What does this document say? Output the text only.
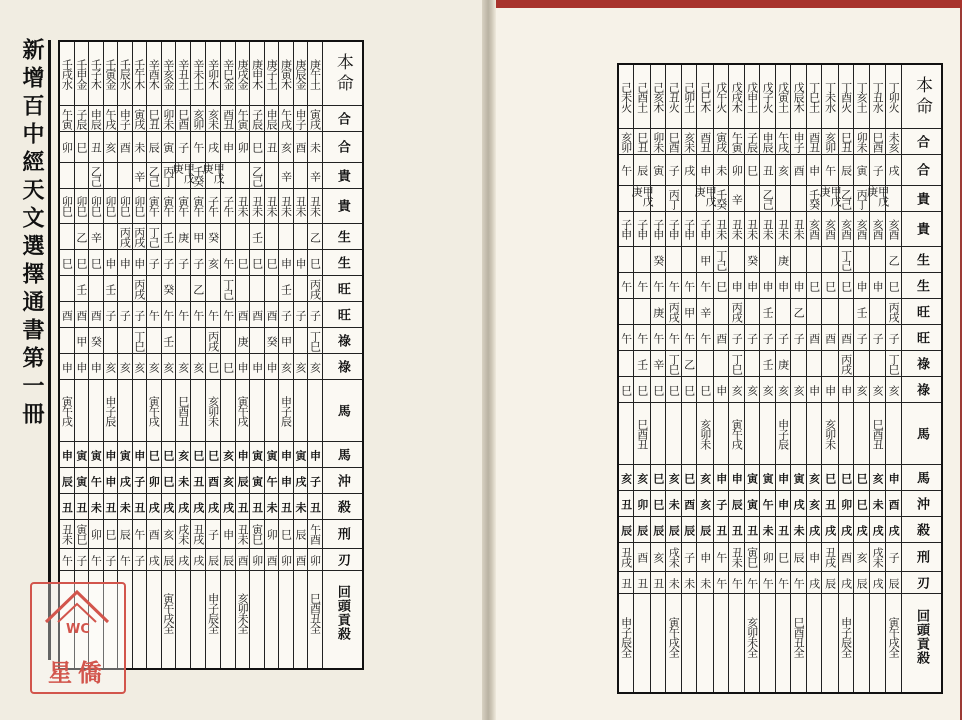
新增百中經天文選擇通書第一冊	本命
合
合
貴
貴
生
生
旺
旺
祿
祿
馬
馬
沖
殺
刑
刃
回頭貢殺
庚午土
寅戌
未
辛
丑未
乙
巳
丙戌
子
丁巳
亥
申
子
丑
午酉
卯
巳酉丑全
庚辰金
申子
酉
丑未
申
子
亥
寅
戌
未
辰
酉
庚寅木
午戌
亥
辛
丑未
申
壬
子
甲
亥
申子辰
申
申
丑
巳
卯
庚子土
申辰
丑
丑未
巳
酉
癸
申
寅
午
未
卯
酉
庚申木
子辰
巳
乙己
丑未
壬
巳
酉
申
寅
寅
丑
寅巳
卯
庚戌金
午寅
卯
丑未
巳
酉
庚
申
寅午戌
申
辰
丑
丑未
酉
亥卯未全
辛巳金
酉丑
申
子午
午
丁己
午
巳
亥
亥
戌
申
辰
辛卯木
亥未
戌
甲戊庚
子午
癸
亥
午
丙戌
巳
亥卯未
巳
酉
戌
子
辰
申子辰全
辛未土
亥卯
午
壬癸
寅午
甲
子
乙
午
亥
巳
丑
戌
丑戌
戌
辛丑土
巳酉
子
甲戊庚
寅午
庚
子
午
亥
巳酉丑
亥
未
戌
戌未
戌
辛亥金
卯未
寅
丙丁
寅午
壬
子
癸
午
壬
亥
巳
巳
戌
亥
辰
寅午戌全
辛酉木
巳丑
辰
乙己
寅午
丁己
子
午
亥
寅午戌
巳
卯
戌
酉
戌
壬午木
寅戌
未
辛
卯巳
丙戌
申
丙戌
子
丁巳
亥
申
子
丑
午
子
壬辰水
申子
酉
卯巳
丙戌
申
子
亥
寅
戌
未
辰
午
壬寅金
午戌
亥
卯巳
申
壬
子
亥
申子辰
申
申
丑
巳
子
壬子木
申辰
丑
乙己
卯巳
辛
巳
酉
癸
申
寅
午
未
卯
午
壬申金
子辰
巳
卯巳
乙
巳
壬
酉
甲
申
寅
寅
丑
寅巳
子
壬戌水
午寅
卯
卯巳
巳
酉
申
寅午戌
申
辰
丑
丑未
午
本命
合
合
貴
貴
生
生
旺
旺
祿
祿
馬
馬
沖
殺
刑
刃
回頭貢殺
丁卯火
未亥
戌
亥酉
乙
巳
丙戌
子
丁巳
亥
申
酉
戌
子
辰
寅午戌全
丁丑水
巳酉
子
甲戊庚
亥酉
申
子
亥
巳酉丑
亥
未
戌
戌未
戌
丁亥土
卯未
寅
丙丁
亥酉
申
壬
子
亥
巳
巳
戌
亥
辰
丁酉火
巳丑
辰
乙己
亥酉
丁己
巳
酉
丙戌
申
巳
卯
戌
酉
戌
申子辰全
丁未水
亥卯
午
甲戊庚
亥酉
巳
酉
申
亥卯未
巳
丑
戌
丑戌
辰
丁巳土
酉丑
申
壬癸
亥酉
巳
酉
申
亥
亥
戌
申
戌
戊辰木
申子
酉
丑未
申
乙
子
亥
寅
戌
未
辰
午
巳酉丑全
戊寅土
午戌
亥
丑未
庚
申
子
庚
亥
申子辰
申
申
丑
巳
午
戊子火
申辰
丑
乙己
丑未
申
壬
子
壬
亥
寅
午
未
卯
午
戊申土
子辰
巳
丑未
癸
申
子
亥
寅
寅
丑
寅巳
午
亥卯未全
戊戌木
午寅
卯
辛
丑未
申
丙戌
子
丁巳
亥
寅午戌
申
辰
丑
丑未
午
戊午火
寅戌
未
壬癸
丑未
丁己
巳
酉
申
申
子
丑
午
午
己巳木
酉丑
申
甲戊庚
子申
甲
午
辛
午
巳
亥卯未
亥
亥
辰
申
未
己卯土
亥未
戌
子申
午
甲
午
乙
巳
巳
酉
辰
子
未
己丑火
巳酉
子
丙丁
子申
午
丙戌
午
丁巳
巳
亥
未
辰
戌未
未
寅午戌全
己亥木
卯未
寅
子申
癸
午
庚
午
辛
巳
巳
巳
辰
亥
丑
己酉土
巳丑
辰
甲戊庚
子申
午
午
壬
巳
巳酉丑
亥
卯
辰
酉
丑
己未火
亥卯
午
子申
午
午
巳
亥
丑
辰
丑戌
丑
申子辰全
WC
星僑
